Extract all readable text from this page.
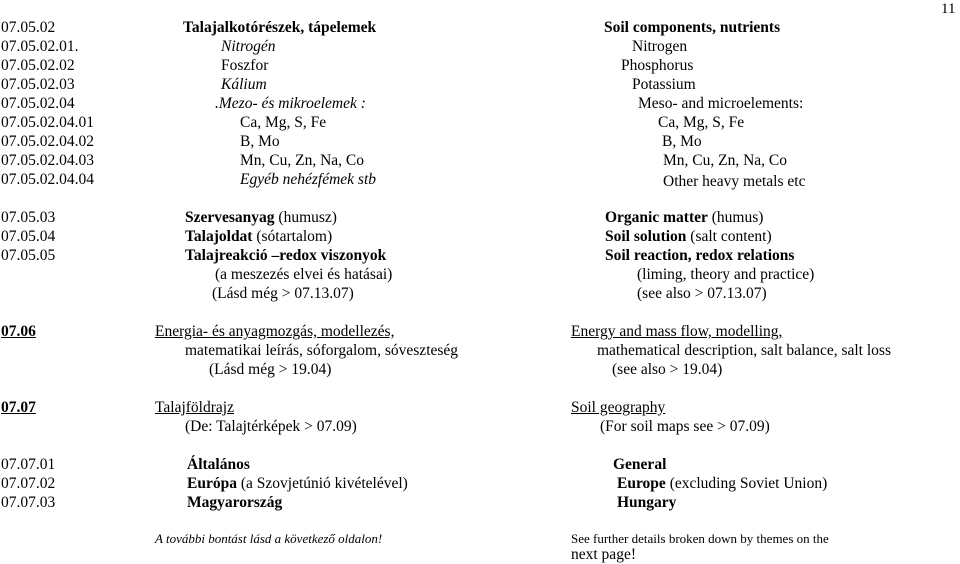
11
07.05.02	Talajalkotórészek, tápelemek	Soil components, nutrients
07.05.02.01.	Nitrogén	Nitrogen
07.05.02.02	Foszfor	Phosphorus
07.05.02.03	Kálium	Potassium
07.05.02.04	.Mezo- és mikroelemek :	Meso- and microelements:
07.05.02.04.01	Ca, Mg, S, Fe	Ca, Mg, S, Fe
07.05.02.04.02	B, Mo	B, Mo
07.05.02.04.03	Mn, Cu, Zn, Na, Co	Mn, Cu, Zn, Na, Co
07.05.02.04.04	Egyéb nehézfémek stb	Other heavy metals etc
07.05.03	Szervesanyag (humusz)	Organic matter (humus)
07.05.04	Talajoldat (sótartalom)	Soil solution (salt content)
07.05.05	Talajreakció –redox viszonyok	Soil reaction, redox relations
(a meszezés elvei és hatásai)	(liming, theory and practice)
(Lásd még > 07.13.07)	(see also > 07.13.07)
07.06	Energia- és anyagmozgás, modellezés,	Energy and mass flow, modelling,
matematikai leírás, sóforgalom, sóveszteség	mathematical description, salt balance, salt loss
(Lásd még > 19.04)	(see also > 19.04)
07.07	Talajföldrajz	Soil geography
(De: Talajtérképek > 07.09)	(For soil maps see > 07.09)
07.07.01	Általános	General
07.07.02	Európa (a Szovjetúnió kivételével)	Europe (excluding Soviet Union)
07.07.03	Magyarország	Hungary
A további bontást lásd a következő oldalon!	See further details broken down by themes on the
next page!
